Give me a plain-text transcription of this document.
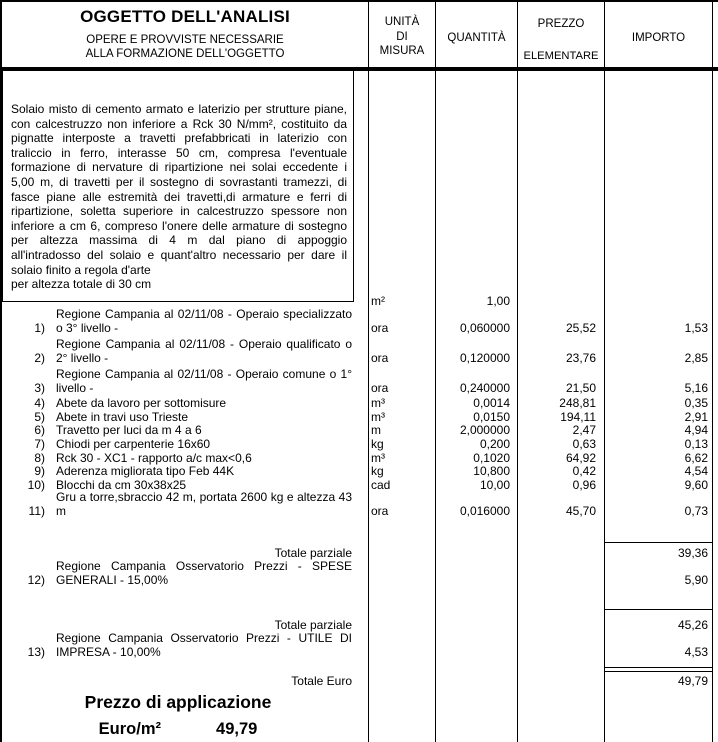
OGGETTO DELL'ANALISI
OPERE E PROVVISTE NECESSARIE
ALLA FORMAZIONE DELL'OGGETTO
UNITÀ
DI
MISURA
QUANTITÀ
PREZZO
ELEMENTARE
IMPORTO
Solaio misto di cemento armato e laterizio per strutture piane, con calcestruzzo non inferiore a Rck 30 N/mm², costituito da pignatte interposte a travetti prefabbricati in laterizio con traliccio in ferro, interasse 50 cm, compresa l'eventuale formazione di nervature di ripartizione nei solai eccedente i 5,00 m, di travetti per il sostegno di sovrastanti tramezzi, di fasce piane alle estremità dei travetti,di armature e ferri di ripartizione, soletta superiore in calcestruzzo spessore non inferiore a cm 6, compreso l'onere delle armature di sostegno per altezza massima di 4 m dal piano di appoggio all'intradosso del solaio e quant'altro necessario per dare il solaio finito a regola d'arte
per altezza totale di 30 cm
m²	1,00
1)
Regione Campania al 02/11/08 - Operaio specializzato o 3° livello -	ora	0,060000	25,52	1,53
2)
Regione Campania al 02/11/08 - Operaio qualificato o 2° livello -	ora	0,120000	23,76	2,85
3)
Regione Campania al 02/11/08 - Operaio comune o 1° livello -	ora	0,240000	21,50	5,16
4) Abete da lavoro per sottomisure	m³	0,0014	248,81	0,35
5) Abete in travi uso Trieste	m³	0,0150	194,11	2,91
6) Travetto per luci da m 4 a 6	m	2,000000	2,47	4,94
7) Chiodi per carpenterie 16x60	kg	0,200	0,63	0,13
8) Rck 30 - XC1 - rapporto a/c max<0,6	m³	0,1020	64,92	6,62
9) Aderenza migliorata tipo Feb 44K	kg	10,800	0,42	4,54
10) Blocchi da cm 30x38x25	cad	10,00	0,96	9,60
11)
Gru a torre,sbraccio 42 m, portata 2600 kg e altezza 43 m	ora	0,016000	45,70	0,73
Totale parziale	39,36
12)
Regione Campania Osservatorio Prezzi - SPESE GENERALI - 15,00%	5,90
Totale parziale	45,26
13)
Regione Campania Osservatorio Prezzi - UTILE DI IMPRESA - 10,00%	4,53
Totale Euro	49,79
Prezzo di applicazione
Euro/m²	49,79
